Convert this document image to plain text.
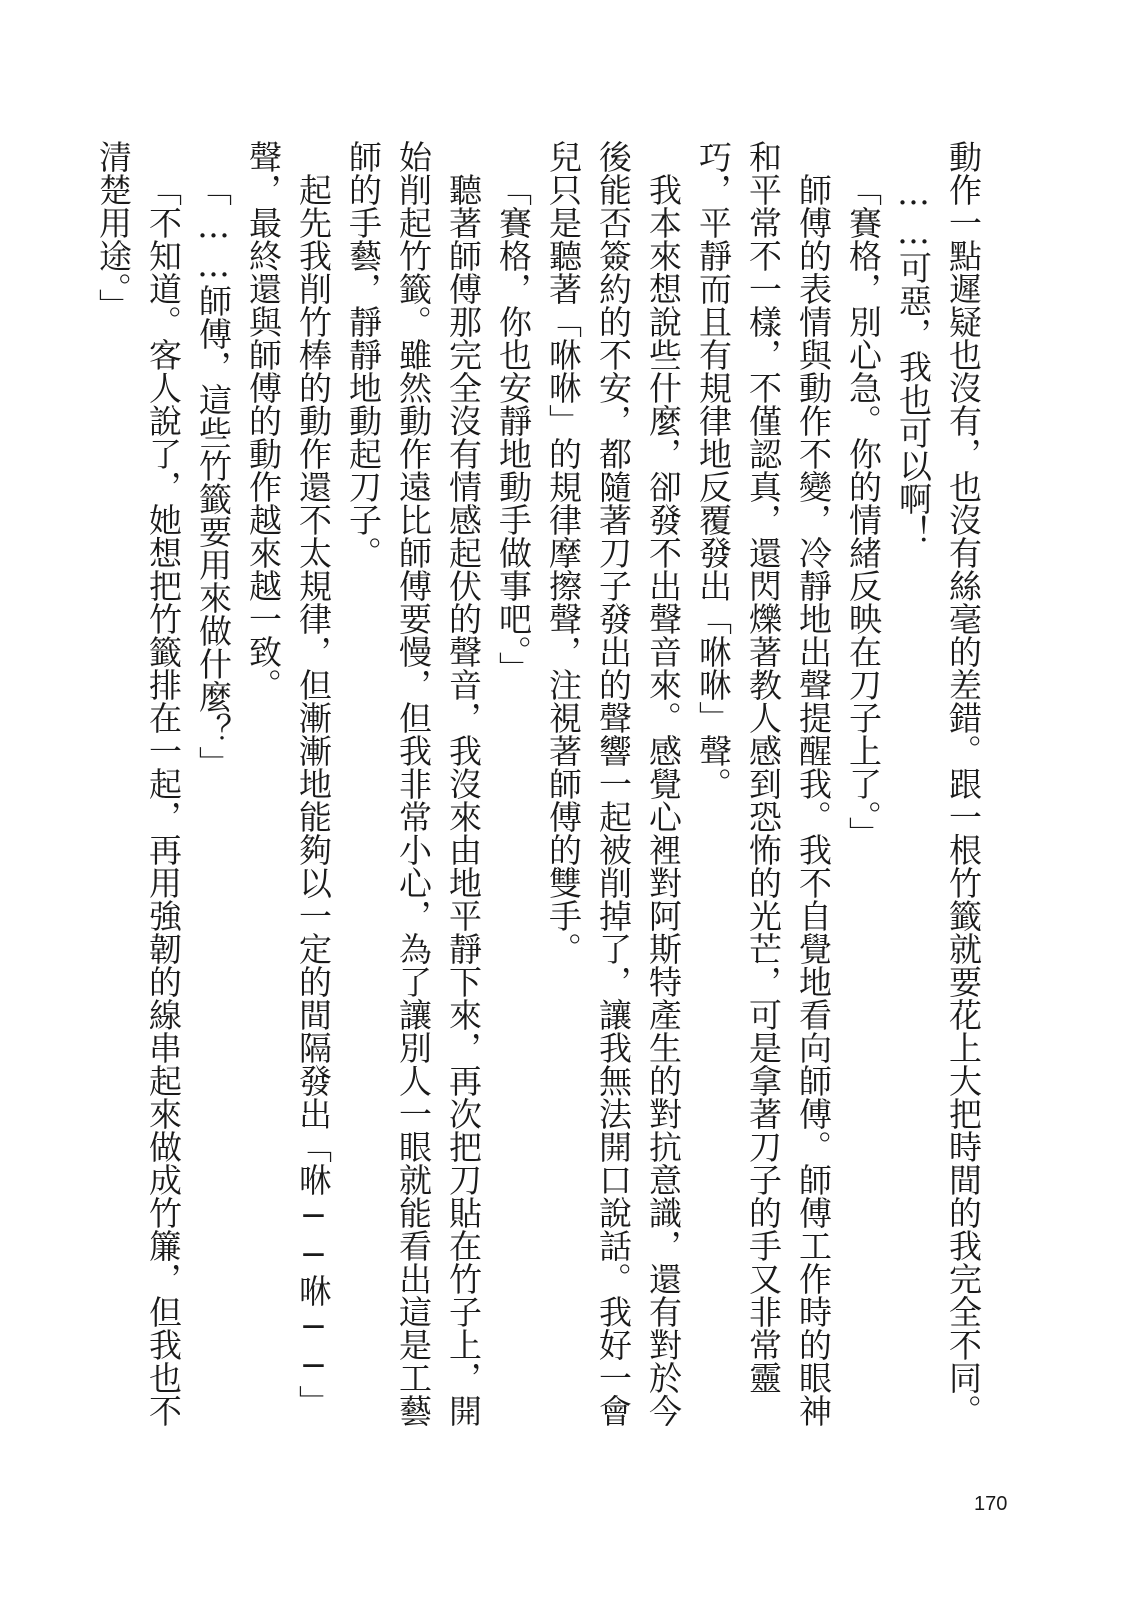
動作一點遲疑也沒有，也沒有絲毫的差錯。跟一根竹籤就要花上大把時間的我完全不同。

……可惡，我也可以啊！

「賽格，別心急。你的情緒反映在刀子上了。」

師傅的表情與動作不變，冷靜地出聲提醒我。我不自覺地看向師傅。師傅工作時的眼神和平常不一樣，不僅認真，還閃爍著教人感到恐怖的光芒，可是拿著刀子的手又非常靈巧，平靜而且有規律地反覆發出「咻咻」聲。

我本來想說些什麼，卻發不出聲音來。感覺心裡對阿斯特產生的對抗意識，還有對於今後能否簽約的不安，都隨著刀子發出的聲響一起被削掉了，讓我無法開口說話。我好一會兒只是聽著「咻咻」的規律摩擦聲，注視著師傅的雙手。

「賽格，你也安靜地動手做事吧。」

聽著師傅那完全沒有情感起伏的聲音，我沒來由地平靜下來，再次把刀貼在竹子上，開始削起竹籤。雖然動作遠比師傅要慢，但我非常小心，為了讓別人一眼就能看出這是工藝師的手藝，靜靜地動起刀子。

起先我削竹棒的動作還不太規律，但漸漸地能夠以一定的間隔發出「咻──咻──」聲，最終還與師傅的動作越來越一致。

「……師傅，這些竹籤要用來做什麼？」

「不知道。客人說了，她想把竹籤排在一起，再用強韌的線串起來做成竹簾，但我也不清楚用途。」

170
